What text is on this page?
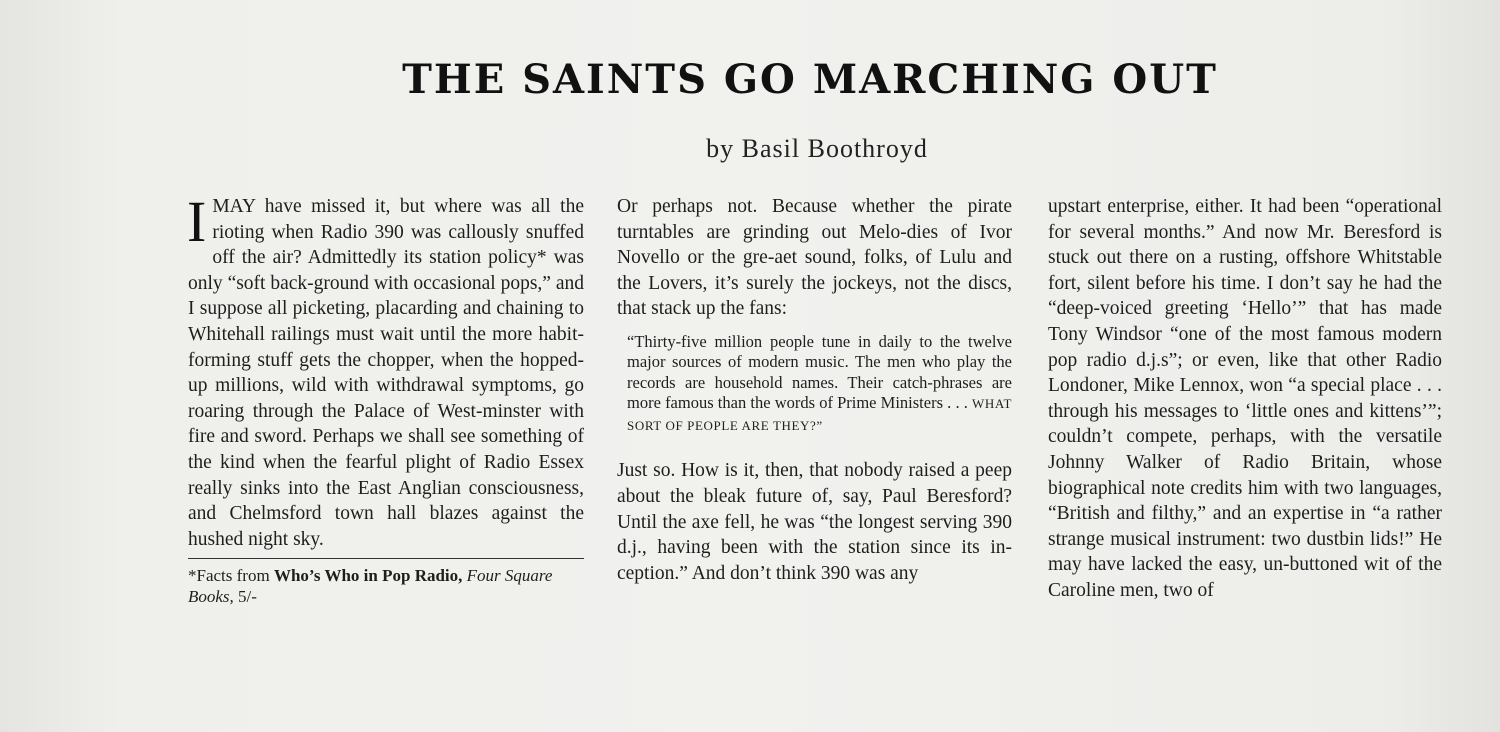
THE SAINTS GO MARCHING OUT
by Basil Boothroyd

IMAY have missed it, but where was all the rioting when Radio 390 was callously snuffed off the air? Admittedly its station policy* was only “soft back-ground with occasional pops,” and I suppose all picketing, placarding and chaining to Whitehall railings must wait until the more habit-forming stuff gets the chopper, when the hopped-up millions, wild with withdrawal symptoms, go roaring through the Palace of West-minster with fire and sword. Perhaps we shall see something of the kind when the fearful plight of Radio Essex really sinks into the East Anglian consciousness, and Chelmsford town hall blazes against the hushed night sky.

*Facts from Who’s Who in Pop Radio, Four Square Books, 5/-

Or perhaps not. Because whether the pirate turntables are grinding out Melo-dies of Ivor Novello or the gre-aet sound, folks, of Lulu and the Lovers, it’s surely the jockeys, not the discs, that stack up the fans:

“Thirty-five million people tune in daily to the twelve major sources of modern music. The men who play the records are household names. Their catch-phrases are more famous than the words of Prime Ministers . . . WHAT SORT OF PEOPLE ARE THEY?”

Just so. How is it, then, that nobody raised a peep about the bleak future of, say, Paul Beresford? Until the axe fell, he was “the longest serving 390 d.j., having been with the station since its in-ception.” And don’t think 390 was any

upstart enterprise, either. It had been “operational for several months.” And now Mr. Beresford is stuck out there on a rusting, offshore Whitstable fort, silent before his time. I don’t say he had the “deep-voiced greeting ‘Hello’” that has made Tony Windsor “one of the most famous modern pop radio d.j.s”; or even, like that other Radio Londoner, Mike Lennox, won “a special place . . . through his messages to ‘little ones and kittens’”; couldn’t compete, perhaps, with the versatile Johnny Walker of Radio Britain, whose biographical note credits him with two languages, “British and filthy,” and an expertise in “a rather strange musical instrument: two dustbin lids!” He may have lacked the easy, un-buttoned wit of the Caroline men, two of
